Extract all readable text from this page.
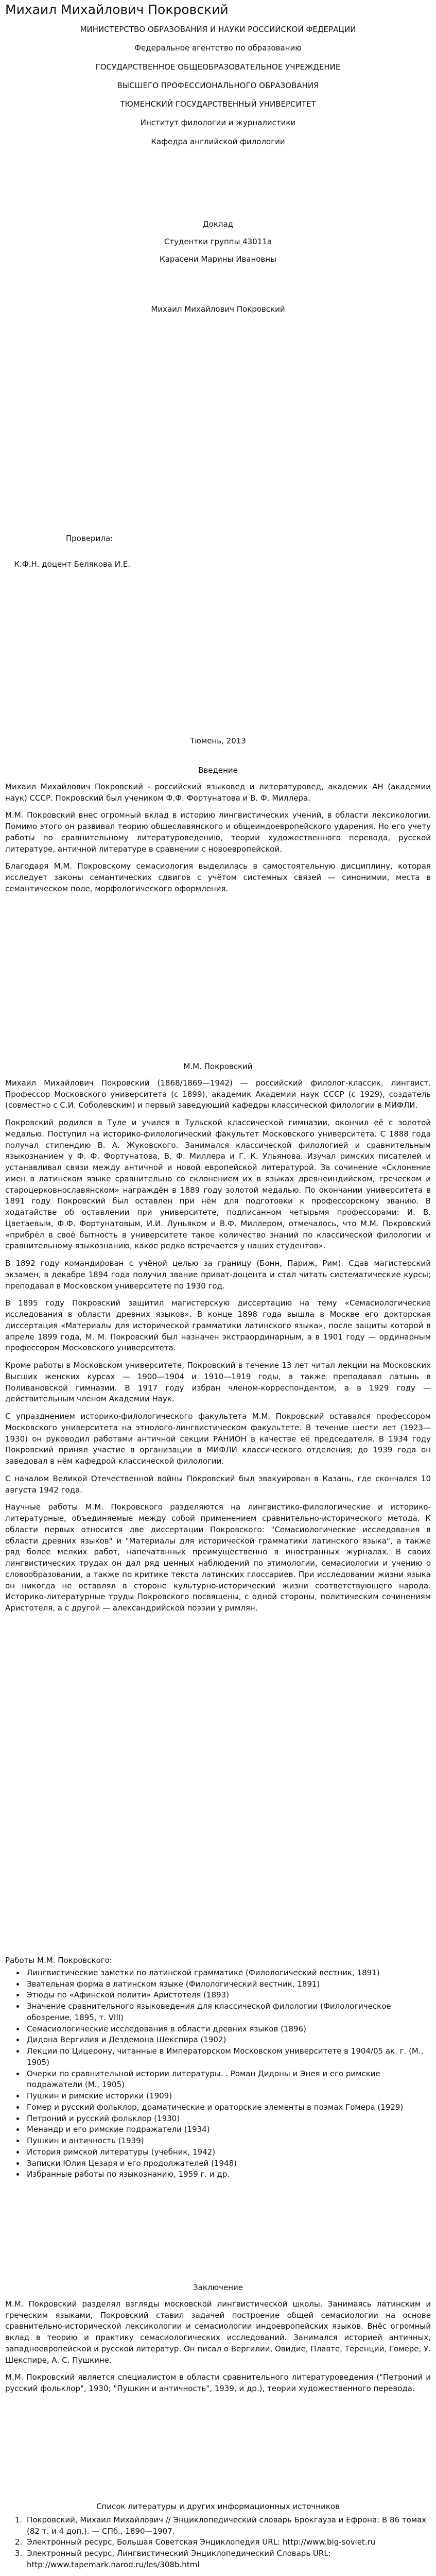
Михаил Михайлович Покровский

МИНИСТЕРСТВО ОБРАЗОВАНИЯ И НАУКИ РОССИЙСКОЙ ФЕДЕРАЦИИ

Федеральное агентство по образованию

ГОСУДАРСТВЕННОЕ ОБЩЕОБРАЗОВАТЕЛЬНОЕ УЧРЕЖДЕНИЕ

ВЫСШЕГО ПРОФЕССИОНАЛЬНОГО ОБРАЗОВАНИЯ

ТЮМЕНСКИЙ ГОСУДАРСТВЕННЫЙ УНИВЕРСИТЕТ

Институт филологии и журналистики

Кафедра английской филологии

Доклад

Студентки группы 43011а

Карасени Марины Ивановны

Михаил Михайлович Покровский

Проверила:

К.Ф.Н. доцент Белякова И.Е.

Тюмень, 2013

Введение

Михаил Михайлович Покровский - российский языковед и литературовед, академик АН (академии наук) СССР. Покровский был учеником Ф.Ф. Фортунатова и В. Ф. Миллера.

М.М. Покровский внес огромный вклад в историю лингвистических учений, в области лексикологии. Помимо этого он развивал теорию общеславянского и общеиндоевропейского ударения. Но его учету работы по сравнительному литературоведению, теории художественного перевода, русской литературе, античной литературе в сравнении с новоевропейской.

Благодаря М.М. Покровскому семасиология выделилась в самостоятельную дисциплину, которая исследует законы семантических сдвигов с учётом системных связей — синонимии, места в семантическом поле, морфологического оформления.

М.М. Покровский

Михаил Михайлович Покровский (1868/1869—1942) — российский филолог-классик, лингвист. Профессор Московского университета (с 1899), академик Академии наук СССР (с 1929), создатель (совместно с С.И. Соболевским) и первый заведующий кафедры классической филологии в МИФЛИ.

Покровский родился в Туле и учился в Тульской классической гимназии, окончил её с золотой медалью. Поступил на историко-филологический факультет Московского университета. С 1888 года получал стипендию В. А. Жуковского. Занимался классической филологией и сравнительным языкознанием у Ф. Ф. Фортунатова, В. Ф. Миллера и Г. К. Ульянова. Изучал римских писателей и устанавливал связи между античной и новой европейской литературой. За сочинение «Склонение имен в латинском языке сравнительно со склонением их в языках древнеиндийском, греческом и староцерковнославянском» награждён в 1889 году золотой медалью. По окончании университета в 1891 году Покровский был оставлен при нём для подготовки к профессорскому званию. В ходатайстве об оставлении при университете, подписанном четырьмя профессорами: И. В. Цветаевым, Ф.Ф. Фортунатовым, И.И. Луньяком и В.Ф. Миллером, отмечалось, что М.М. Покровский «прибрёл в своё бытность в университете такое количество знаний по классической филологии и сравнительному языкознанию, какое редко встречается у наших студентов».

В 1892 году командирован с учёной целью за границу (Бонн, Париж, Рим). Сдав магистерский экзамен, в декабре 1894 года получил звание приват-доцента и стал читать систематические курсы; преподавал в Московском университете по 1930 год.

В 1895 году Покровский защитил магистерскую диссертацию на тему «Семасиологические исследования в области древних языков». В конце 1898 года вышла в Москве его докторская диссертация «Материалы для исторической грамматики латинского языка», после защиты которой в апреле 1899 года, М. М. Покровский был назначен экстраординарным, а в 1901 году — ординарным профессором Московского университета.

Кроме работы в Московском университете, Покровский в течение 13 лет читал лекции на Московских Высших женских курсах — 1900—1904 и 1910—1919 годы, а также преподавал латынь в Поливановской гимназии. В 1917 году избран членом-корреспондентом, а в 1929 году — действительным членом Академии Наук.

С упразднением историко-филологического факультета М.М. Покровский оставался профессором Московского университета на этнолого-лингвистическом факультете. В течение шести лет (1923—1930) он руководил работами античной секции РАНИОН в качестве её председателя. В 1934 году Покровский принял участие в организации в МИФЛИ классического отделения; до 1939 года он заведовал в нём кафедрой классической филологии.

С началом Великой Отечественной войны Покровский был эвакуирован в Казань, где скончался 10 августа 1942 года.

Научные работы М.М. Покровского разделяются на лингвистико-филологические и историко-литературные, объединяемые между собой применением сравнительно-исторического метода. К области первых относится две диссертации Покровского: "Семасиологические исследования в области древних языков" и "Материалы для исторической грамматики латинского языка", а также ряд более мелких работ, напечатанных преимущественно в иностранных журналах. В своих лингвистических трудах он дал ряд ценных наблюдений по этимологии, семасиологии и учению о словообразовании, а также по критике текста латинских глоссариев. При исследовании жизни языка он никогда не оставлял в стороне культурно-исторический жизни соответствующего народа. Историко-литературные труды Покровского посвящены, с одной стороны, политическим сочинениям Аристотеля, а с другой — александрийской поэзии у римлян.

Работы М.М. Покровского:

• Лингвистические заметки по латинской грамматике (Филологический вестник, 1891)
• Звательная форма в латинском языке (Филологический вестник, 1891)
• Этюды по «Афинской полити» Аристотеля (1893)
• Значение сравнительного языковедения для классической филологии (Филологическое обозрение, 1895, т. VIII)
• Семасиологические исследования в области древних языков (1896)
• Дидона Вергилия и Дездемона Шекспира (1902)
• Лекции по Цицерону, читанные в Императорском Московском университете в 1904/05 ак. г. (М., 1905)
• Очерки по сравнительной истории литературы. . Роман Дидоны и Энея и его римские подражатели (М., 1905)
• Пушкин и римские историки (1909)
• Гомер и русский фольклор, драматические и ораторские элементы в поэмах Гомера (1929)
• Петроний и русский фольклор (1930)
• Менандр и его римские подражатели (1934)
• Пушкин и античность (1939)
• История римской литературы (учебник, 1942)
• Записки Юлия Цезаря и его продолжателей (1948)
• Избранные работы по языкознанию, 1959 г. и др.
Заключение

М.М. Покровский разделял взгляды московской лингвистической школы. Занимаясь латинским и греческим языками, Покровский ставил задачей построение общей семасиологии на основе сравнительно-исторической лексикологии и семасиологии индоевропейских языков. Внёс огромный вклад в теорию и практику семасиологических исследований. Занимался историей античных, западноевропейской и русской литератур. Он писал о Вергилии, Овидие, Плавте, Теренции, Гомере, У. Шекспире, А. С. Пушкине.

М.М. Покровский является специалистом в области сравнительного литературоведения ("Петроний и русский фольклор", 1930; "Пушкин и античность", 1939, и др.), теории художественного перевода.

Список литературы и других информационных источников
1. Покровский, Михаил Михайлович // Энциклопедический словарь Брокгауза и Ефрона: В 86 томах (82 т. и 4 доп.). — СПб., 1890—1907.
2. Электронный ресурс, Большая Советская Энциклопедия URL: http://www.big-soviet.ru
3. Электронный ресурс, Лингвистический Энциклопедический Словарь URL: http://www.tapemark.narod.ru/les/308b.html
